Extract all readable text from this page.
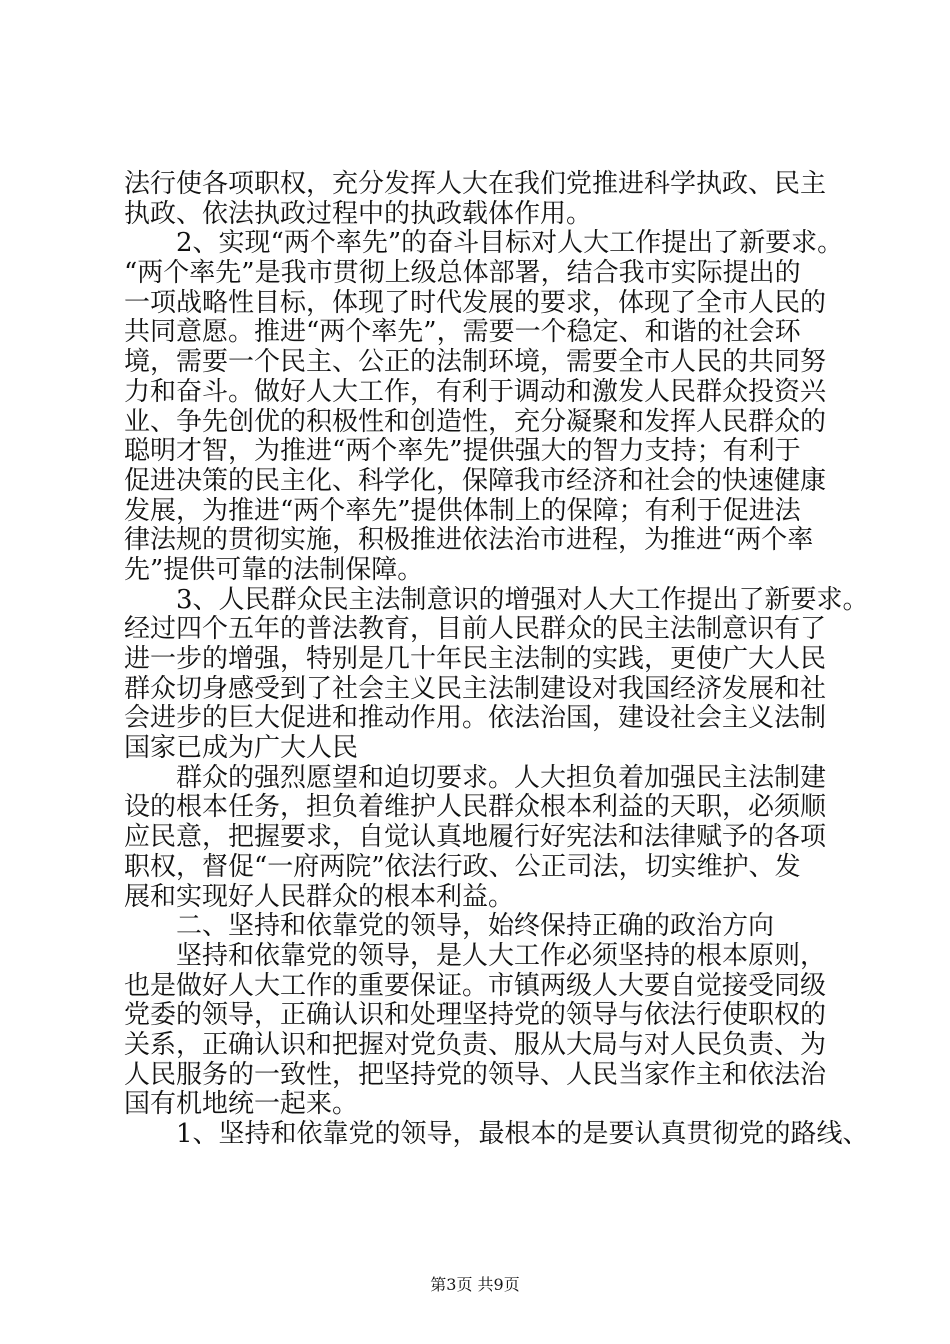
法行使各项职权，充分发挥人大在我们党推进科学执政、民主
执政、依法执政过程中的执政载体作用。
2、实现“两个率先”的奋斗目标对人大工作提出了新要求。
“两个率先”是我市贯彻上级总体部署，结合我市实际提出的
一项战略性目标，体现了时代发展的要求，体现了全市人民的
共同意愿。推进“两个率先”，需要一个稳定、和谐的社会环
境，需要一个民主、公正的法制环境，需要全市人民的共同努
力和奋斗。做好人大工作，有利于调动和激发人民群众投资兴
业、争先创优的积极性和创造性，充分凝聚和发挥人民群众的
聪明才智，为推进“两个率先”提供强大的智力支持；有利于
促进决策的民主化、科学化，保障我市经济和社会的快速健康
发展，为推进“两个率先”提供体制上的保障；有利于促进法
律法规的贯彻实施，积极推进依法治市进程，为推进“两个率
先”提供可靠的法制保障。
3、人民群众民主法制意识的增强对人大工作提出了新要求。
经过四个五年的普法教育，目前人民群众的民主法制意识有了
进一步的增强，特别是几十年民主法制的实践，更使广大人民
群众切身感受到了社会主义民主法制建设对我国经济发展和社
会进步的巨大促进和推动作用。依法治国，建设社会主义法制
国家已成为广大人民
群众的强烈愿望和迫切要求。人大担负着加强民主法制建
设的根本任务，担负着维护人民群众根本利益的天职，必须顺
应民意，把握要求，自觉认真地履行好宪法和法律赋予的各项
职权，督促“一府两院”依法行政、公正司法，切实维护、发
展和实现好人民群众的根本利益。
二、坚持和依靠党的领导，始终保持正确的政治方向
坚持和依靠党的领导，是人大工作必须坚持的根本原则，
也是做好人大工作的重要保证。市镇两级人大要自觉接受同级
党委的领导，正确认识和处理坚持党的领导与依法行使职权的
关系，正确认识和把握对党负责、服从大局与对人民负责、为
人民服务的一致性，把坚持党的领导、人民当家作主和依法治
国有机地统一起来。
1、坚持和依靠党的领导，最根本的是要认真贯彻党的路线、
第3页 共9页
